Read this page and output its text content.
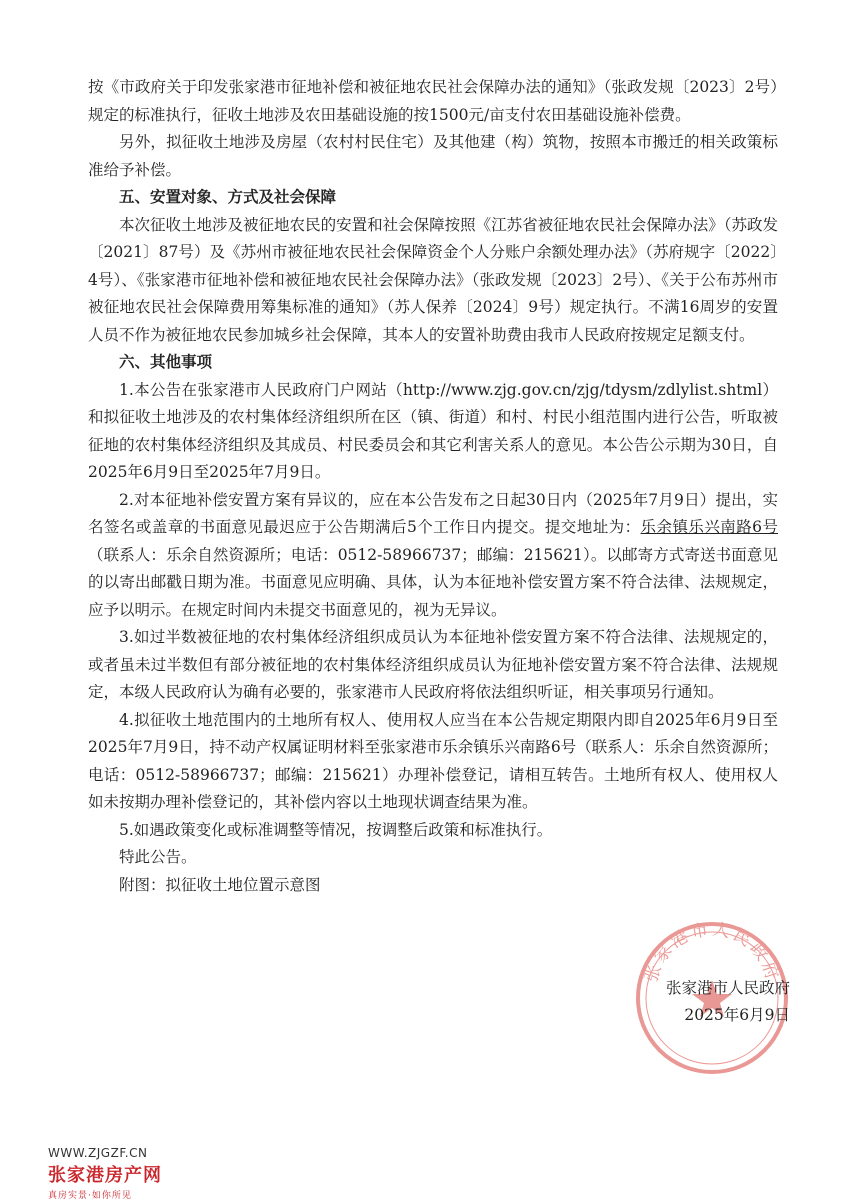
按《市政府关于印发张家港市征地补偿和被征地农民社会保障办法的通知》（张政发规〔2023〕2号）规定的标准执行，征收土地涉及农田基础设施的按1500元/亩支付农田基础设施补偿费。

另外，拟征收土地涉及房屋（农村村民住宅）及其他建（构）筑物，按照本市搬迁的相关政策标准给予补偿。

五、安置对象、方式及社会保障

本次征收土地涉及被征地农民的安置和社会保障按照《江苏省被征地农民社会保障办法》（苏政发〔2021〕87号）及《苏州市被征地农民社会保障资金个人分账户余额处理办法》（苏府规字〔2022〕4号）、《张家港市征地补偿和被征地农民社会保障办法》（张政发规〔2023〕2号）、《关于公布苏州市被征地农民社会保障费用筹集标准的通知》（苏人保养〔2024〕9号）规定执行。不满16周岁的安置人员不作为被征地农民参加城乡社会保障，其本人的安置补助费由我市人民政府按规定足额支付。

六、其他事项

1.本公告在张家港市人民政府门户网站（http://www.zjg.gov.cn/zjg/tdysm/zdlylist.shtml）和拟征收土地涉及的农村集体经济组织所在区（镇、街道）和村、村民小组范围内进行公告，听取被征地的农村集体经济组织及其成员、村民委员会和其它利害关系人的意见。本公告公示期为30日，自2025年6月9日至2025年7月9日。

2.对本征地补偿安置方案有异议的，应在本公告发布之日起30日内（2025年7月9日）提出，实名签名或盖章的书面意见最迟应于公告期满后5个工作日内提交。提交地址为：乐余镇乐兴南路6号（联系人：乐余自然资源所；电话：0512-58966737；邮编：215621）。以邮寄方式寄送书面意见的以寄出邮戳日期为准。书面意见应明确、具体，认为本征地补偿安置方案不符合法律、法规规定，应予以明示。在规定时间内未提交书面意见的，视为无异议。

3.如过半数被征地的农村集体经济组织成员认为本征地补偿安置方案不符合法律、法规规定的，或者虽未过半数但有部分被征地的农村集体经济组织成员认为征地补偿安置方案不符合法律、法规规定，本级人民政府认为确有必要的，张家港市人民政府将依法组织听证，相关事项另行通知。

4.拟征收土地范围内的土地所有权人、使用权人应当在本公告规定期限内即自2025年6月9日至2025年7月9日，持不动产权属证明材料至张家港市乐余镇乐兴南路6号（联系人：乐余自然资源所；电话：0512-58966737；邮编：215621）办理补偿登记，请相互转告。土地所有权人、使用权人如未按期办理补偿登记的，其补偿内容以土地现状调查结果为准。

5.如遇政策变化或标准调整等情况，按调整后政策和标准执行。

特此公告。

附图：拟征收土地位置示意图

张家港市人民政府
张家港市人民政府
2025年6月9日
WWW.ZJGZF.CN
张家港房产网
真房实景·如你所见
